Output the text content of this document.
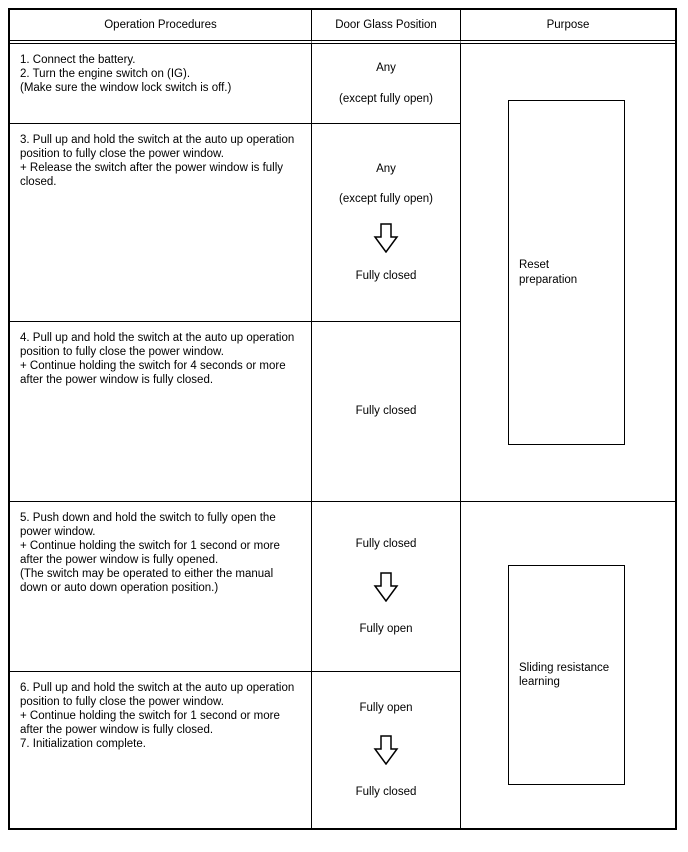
Operation Procedures	Door Glass Position	Purpose

1. Connect the battery.

2. Turn the engine switch on (IG).

(Make sure the window lock switch is off.)

Any
(except fully open)

3. Pull up and hold the switch at the auto up operation position to fully close the power window.

+ Release the switch after the power window is fully closed.

Any
(except fully open)
Fully closed

4. Pull up and hold the switch at the auto up operation position to fully close the power window.

+ Continue holding the switch for 4 seconds or more after the power window is fully closed.

Fully closed

5. Push down and hold the switch to fully open the power window.

+ Continue holding the switch for 1 second or more after the power window is fully opened.

(The switch may be operated to either the manual down or auto down operation position.)

Fully closed
Fully open

6. Pull up and hold the switch at the auto up operation position to fully close the power window.

+ Continue holding the switch for 1 second or more after the power window is fully closed.

7. Initialization complete.

Fully open
Fully closed
Reset preparation
Sliding resistance learning
